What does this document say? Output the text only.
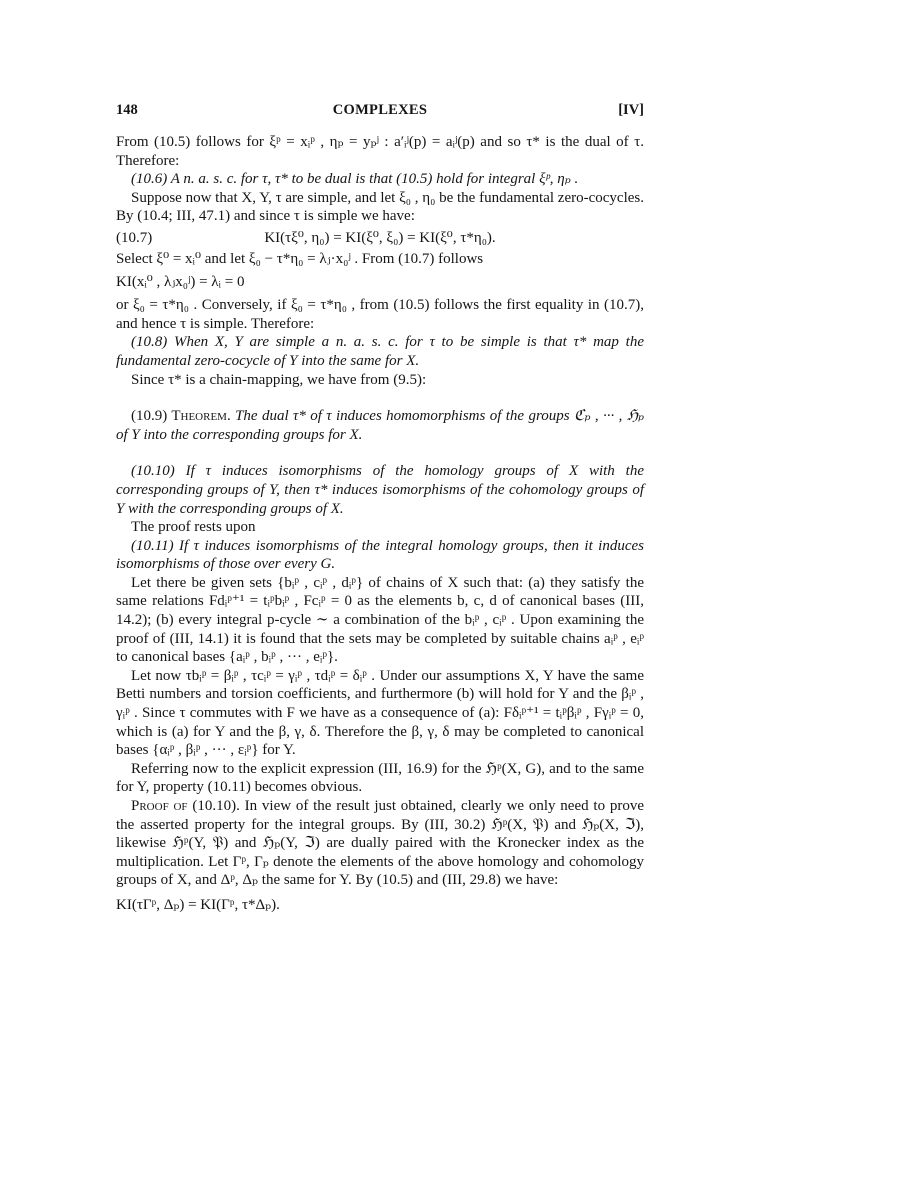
148	COMPLEXES	[IV]

From (10.5) follows for ξᵖ = xᵢᵖ , ηₚ = yₚʲ : a′ᵢʲ(p) = aᵢʲ(p) and so τ* is the dual of τ. Therefore:

(10.6) A n. a. s. c. for τ, τ* to be dual is that (10.5) hold for integral ξᵖ, ηₚ .

Suppose now that X, Y, τ are simple, and let ξ₀ , η₀ be the fundamental zero-cocycles. By (10.4; III, 47.1) and since τ is simple we have:

(10.7)	KI(τξ⁰, η₀) = KI(ξ⁰, ξ₀) = KI(ξ⁰, τ*η₀).

Select ξ⁰ = xᵢ⁰ and let ξ₀ − τ*η₀ = λⱼ·x₀ʲ . From (10.7) follows

KI(xᵢ⁰ , λⱼx₀ʲ) = λᵢ = 0

or ξ₀ = τ*η₀ . Conversely, if ξ₀ = τ*η₀ , from (10.5) follows the first equality in (10.7), and hence τ is simple. Therefore:

(10.8) When X, Y are simple a n. a. s. c. for τ to be simple is that τ* map the fundamental zero-cocycle of Y into the same for X.

Since τ* is a chain-mapping, we have from (9.5):

(10.9) Theorem. The dual τ* of τ induces homomorphisms of the groups ℭₚ , ··· , ℌₚ of Y into the corresponding groups for X.

(10.10) If τ induces isomorphisms of the homology groups of X with the corresponding groups of Y, then τ* induces isomorphisms of the cohomology groups of Y with the corresponding groups of X.

The proof rests upon

(10.11) If τ induces isomorphisms of the integral homology groups, then it induces isomorphisms of those over every G.

Let there be given sets {bᵢᵖ , cᵢᵖ , dᵢᵖ} of chains of X such that: (a) they satisfy the same relations Fdᵢᵖ⁺¹ = tᵢᵖbᵢᵖ , Fcᵢᵖ = 0 as the elements b, c, d of canonical bases (III, 14.2); (b) every integral p-cycle ∼ a combination of the bᵢᵖ , cᵢᵖ . Upon examining the proof of (III, 14.1) it is found that the sets may be completed by suitable chains aᵢᵖ , eᵢᵖ to canonical bases {aᵢᵖ , bᵢᵖ , ··· , eᵢᵖ}.

Let now τbᵢᵖ = βᵢᵖ , τcᵢᵖ = γᵢᵖ , τdᵢᵖ = δᵢᵖ . Under our assumptions X, Y have the same Betti numbers and torsion coefficients, and furthermore (b) will hold for Y and the βᵢᵖ , γᵢᵖ . Since τ commutes with F we have as a consequence of (a): Fδᵢᵖ⁺¹ = tᵢᵖβᵢᵖ , Fγᵢᵖ = 0, which is (a) for Y and the β, γ, δ. Therefore the β, γ, δ may be completed to canonical bases {αᵢᵖ , βᵢᵖ , ··· , εᵢᵖ} for Y.

Referring now to the explicit expression (III, 16.9) for the ℌᵖ(X, G), and to the same for Y, property (10.11) becomes obvious.

Proof of (10.10). In view of the result just obtained, clearly we only need to prove the asserted property for the integral groups. By (III, 30.2) ℌᵖ(X, 𝔓) and ℌₚ(X, ℑ), likewise ℌᵖ(Y, 𝔓) and ℌₚ(Y, ℑ) are dually paired with the Kronecker index as the multiplication. Let Γᵖ, Γₚ denote the elements of the above homology and cohomology groups of X, and Δᵖ, Δₚ the same for Y. By (10.5) and (III, 29.8) we have:

KI(τΓᵖ, Δₚ) = KI(Γᵖ, τ*Δₚ).
